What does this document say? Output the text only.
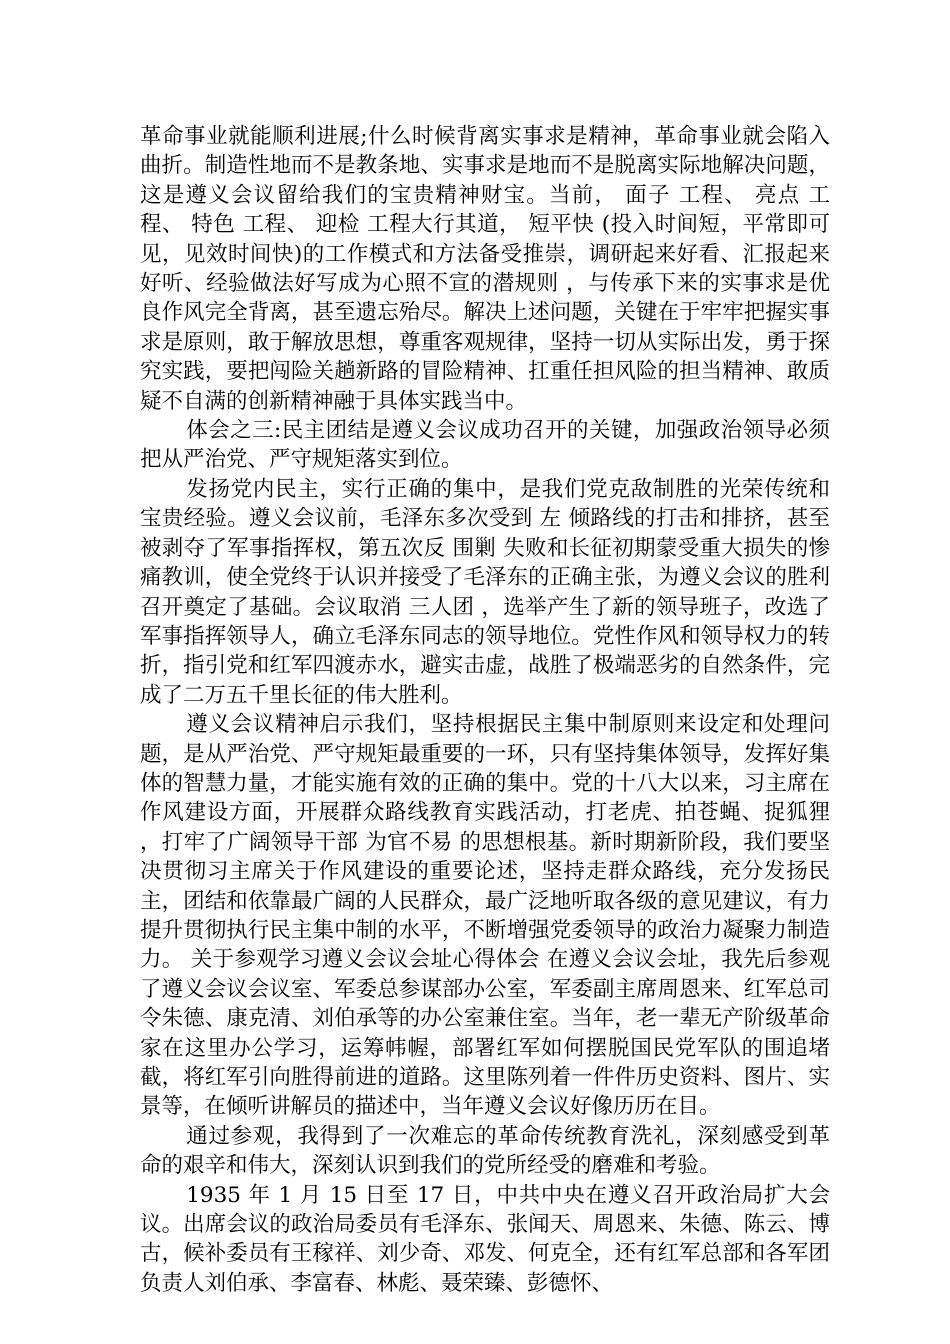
革命事业就能顺利进展;什么时候背离实事求是精神，革命事业就会陷入曲折。制造性地而不是教条地、实事求是地而不是脱离实际地解决问题，这是遵义会议留给我们的宝贵精神财宝。当前， 面子 工程、 亮点 工程、 特色 工程、 迎检 工程大行其道， 短平快 (投入时间短，平常即可见，见效时间快)的工作模式和方法备受推崇，调研起来好看、汇报起来好听、经验做法好写成为心照不宣的潜规则 ，与传承下来的实事求是优良作风完全背离，甚至遗忘殆尽。解决上述问题，关键在于牢牢把握实事求是原则，敢于解放思想，尊重客观规律，坚持一切从实际出发，勇于探究实践，要把闯险关趟新路的冒险精神、扛重任担风险的担当精神、敢质疑不自满的创新精神融于具体实践当中。

体会之三:民主团结是遵义会议成功召开的关键，加强政治领导必须把从严治党、严守规矩落实到位。

发扬党内民主，实行正确的集中，是我们党克敌制胜的光荣传统和宝贵经验。遵义会议前，毛泽东多次受到 左 倾路线的打击和排挤，甚至被剥夺了军事指挥权，第五次反 围剿 失败和长征初期蒙受重大损失的惨痛教训，使全党终于认识并接受了毛泽东的正确主张，为遵义会议的胜利召开奠定了基础。会议取消 三人团 ，选举产生了新的领导班子，改选了军事指挥领导人，确立毛泽东同志的领导地位。党性作风和领导权力的转折，指引党和红军四渡赤水，避实击虚，战胜了极端恶劣的自然条件，完成了二万五千里长征的伟大胜利。

遵义会议精神启示我们，坚持根据民主集中制原则来设定和处理问题，是从严治党、严守规矩最重要的一环，只有坚持集体领导，发挥好集体的智慧力量，才能实施有效的正确的集中。党的十八大以来，习主席在作风建设方面，开展群众路线教育实践活动，打老虎、拍苍蝇、捉狐狸 ，打牢了广阔领导干部 为官不易 的思想根基。新时期新阶段，我们要坚决贯彻习主席关于作风建设的重要论述，坚持走群众路线，充分发扬民主，团结和依靠最广阔的人民群众，最广泛地听取各级的意见建议，有力提升贯彻执行民主集中制的水平，不断增强党委领导的政治力凝聚力制造力。 关于参观学习遵义会议会址心得体会 在遵义会议会址，我先后参观了遵义会议会议室、军委总参谋部办公室，军委副主席周恩来、红军总司令朱德、康克清、刘伯承等的办公室兼住室。当年，老一辈无产阶级革命家在这里办公学习，运筹帏幄，部署红军如何摆脱国民党军队的围追堵截，将红军引向胜得前进的道路。这里陈列着一件件历史资料、图片、实景等，在倾听讲解员的描述中，当年遵义会议好像历历在目。

通过参观，我得到了一次难忘的革命传统教育洗礼，深刻感受到革命的艰辛和伟大，深刻认识到我们的党所经受的磨难和考验。

1935 年 1 月 15 日至 17 日，中共中央在遵义召开政治局扩大会议。出席会议的政治局委员有毛泽东、张闻天、周恩来、朱德、陈云、博古，候补委员有王稼祥、刘少奇、邓发、何克全，还有红军总部和各军团负责人刘伯承、李富春、林彪、聂荣臻、彭德怀、
